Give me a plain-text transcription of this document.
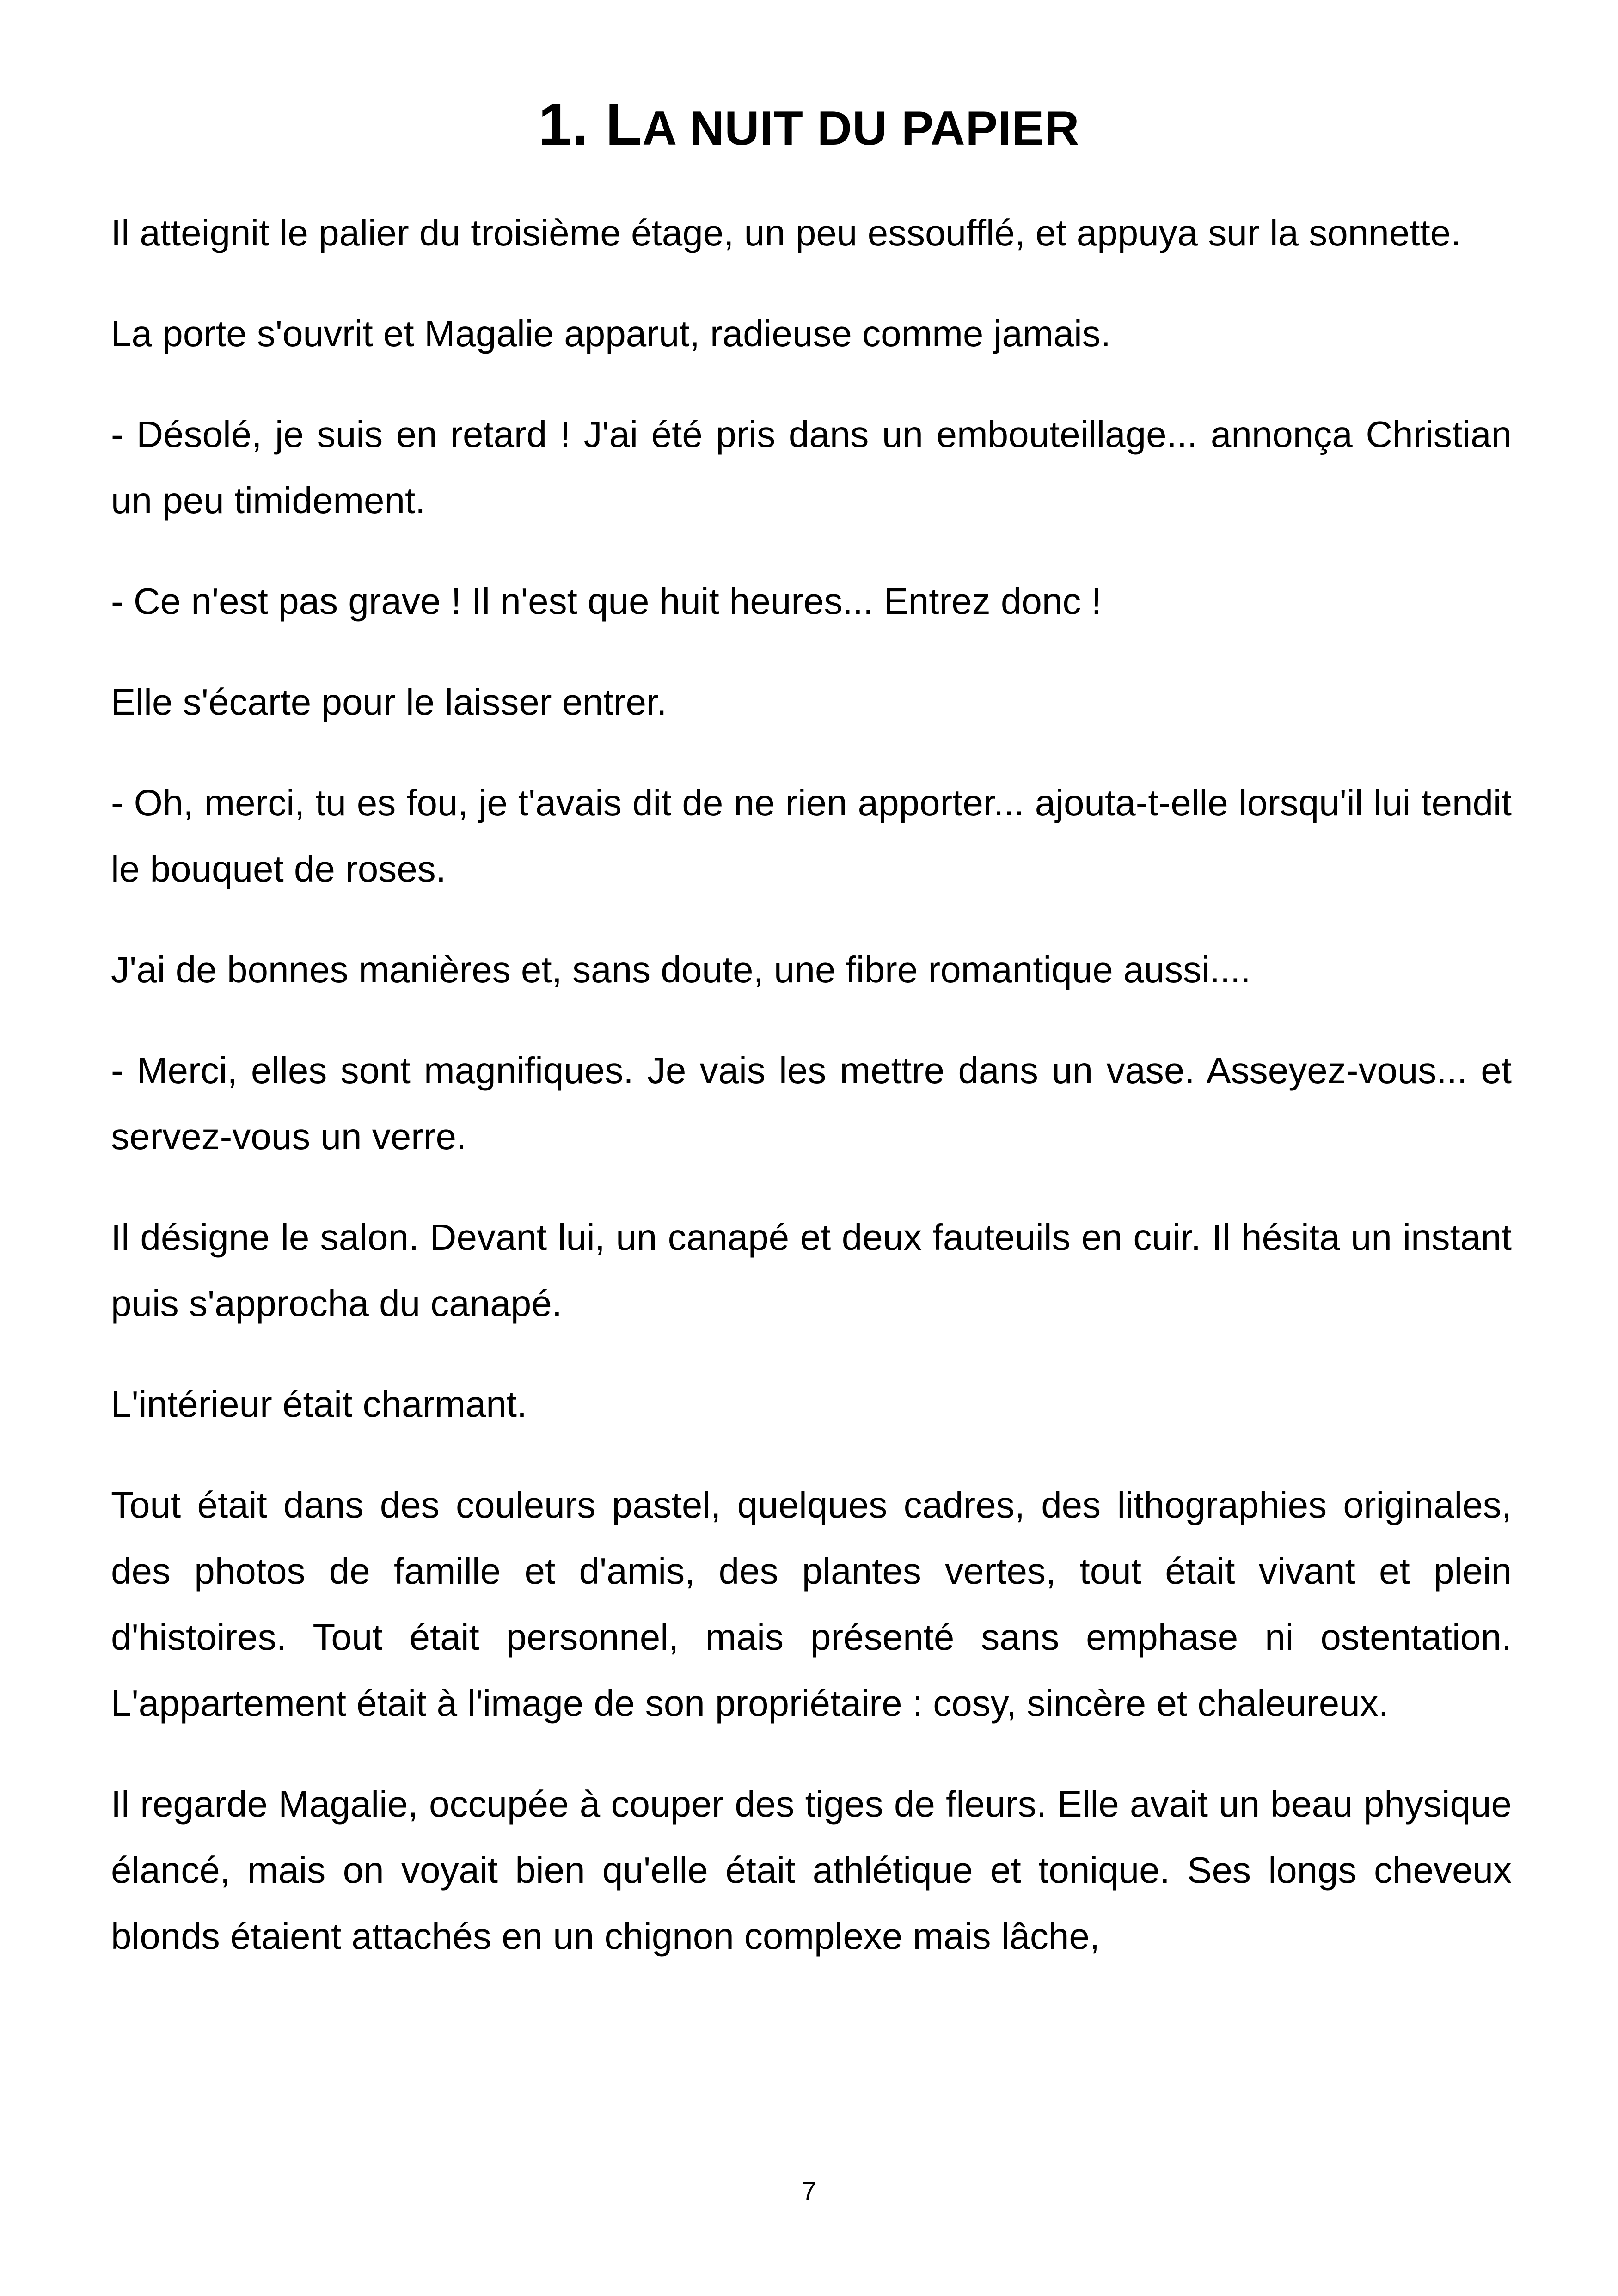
1. LA NUIT DU PAPIER

Il atteignit le palier du troisième étage, un peu essoufflé, et appuya sur la sonnette.

La porte s'ouvrit et Magalie apparut, radieuse comme jamais.

- Désolé, je suis en retard ! J'ai été pris dans un embouteillage... annonça Christian un peu timidement.

- Ce n'est pas grave ! Il n'est que huit heures... Entrez donc !

Elle s'écarte pour le laisser entrer.

- Oh, merci, tu es fou, je t'avais dit de ne rien apporter... ajouta-t-elle lorsqu'il lui tendit le bouquet de roses.

J'ai de bonnes manières et, sans doute, une fibre romantique aussi....

- Merci, elles sont magnifiques. Je vais les mettre dans un vase. Asseyez-vous... et servez-vous un verre.

Il désigne le salon. Devant lui, un canapé et deux fauteuils en cuir. Il hésita un instant puis s'approcha du canapé.

L'intérieur était charmant.

Tout était dans des couleurs pastel, quelques cadres, des lithographies originales, des photos de famille et d'amis, des plantes vertes, tout était vivant et plein d'histoires. Tout était personnel, mais présenté sans emphase ni ostentation. L'appartement était à l'image de son propriétaire : cosy, sincère et chaleureux.

Il regarde Magalie, occupée à couper des tiges de fleurs. Elle avait un beau physique élancé, mais on voyait bien qu'elle était athlétique et tonique. Ses longs cheveux blonds étaient attachés en un chignon complexe mais lâche,

7
